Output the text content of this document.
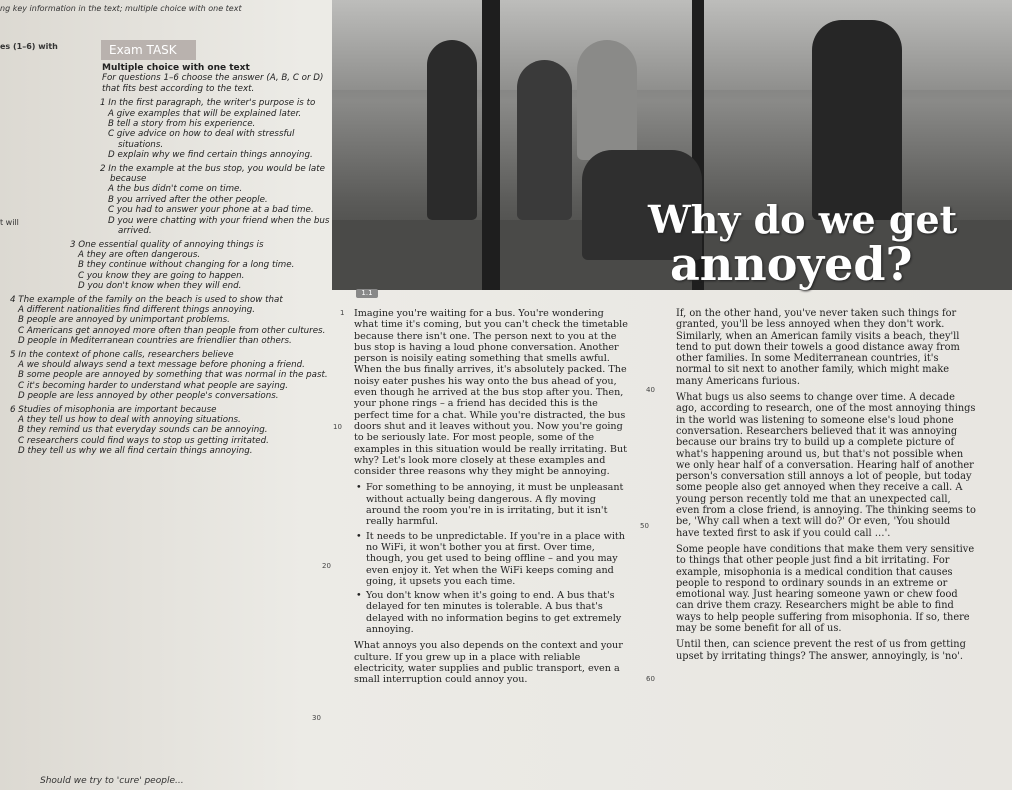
ng key information in the text; multiple choice with one text
es (1–6) with
t will
Exam TASK
Multiple choice with one text
For questions 1–6 choose the answer (A, B, C or D) that fits best according to the text.
1 In the first paragraph, the writer's purpose is to
A give examples that will be explained later.
B tell a story from his experience.
C give advice on how to deal with stressful situations.
D explain why we find certain things annoying.
2 In the example at the bus stop, you would be late because
A the bus didn't come on time.
B you arrived after the other people.
C you had to answer your phone at a bad time.
D you were chatting with your friend when the bus arrived.
3 One essential quality of annoying things is
A they are often dangerous.
B they continue without changing for a long time.
C you know they are going to happen.
D you don't know when they will end.
4 The example of the family on the beach is used to show that
A different nationalities find different things annoying.
B people are annoyed by unimportant problems.
C Americans get annoyed more often than people from other cultures.
D people in Mediterranean countries are friendlier than others.
5 In the context of phone calls, researchers believe
A we should always send a text message before phoning a friend.
B some people are annoyed by something that was normal in the past.
C it's becoming harder to understand what people are saying.
D people are less annoyed by other people's conversations.
6 Studies of misophonia are important because
A they tell us how to deal with annoying situations.
B they remind us that everyday sounds can be annoying.
C researchers could find ways to stop us getting irritated.
D they tell us why we all find certain things annoying.
Why do we get
annoyed?
1.1
1
10
20
30
40
50
60

Imagine you're waiting for a bus. You're wondering what time it's coming, but you can't check the timetable because there isn't one. The person next to you at the bus stop is having a loud phone conversation. Another person is noisily eating something that smells awful. When the bus finally arrives, it's absolutely packed. The noisy eater pushes his way onto the bus ahead of you, even though he arrived at the bus stop after you. Then, your phone rings – a friend has decided this is the perfect time for a chat. While you're distracted, the bus doors shut and it leaves without you. Now you're going to be seriously late. For most people, some of the examples in this situation would be really irritating. But why? Let's look more closely at these examples and consider three reasons why they might be annoying.

• For something to be annoying, it must be unpleasant without actually being dangerous. A fly moving around the room you're in is irritating, but it isn't really harmful.
• It needs to be unpredictable. If you're in a place with no WiFi, it won't bother you at first. Over time, though, you get used to being offline – and you may even enjoy it. Yet when the WiFi keeps coming and going, it upsets you each time.
• You don't know when it's going to end. A bus that's delayed for ten minutes is tolerable. A bus that's delayed with no information begins to get extremely annoying.

What annoys you also depends on the context and your culture. If you grew up in a place with reliable electricity, water supplies and public transport, even a small interruption could annoy you.

If, on the other hand, you've never taken such things for granted, you'll be less annoyed when they don't work. Similarly, when an American family visits a beach, they'll tend to put down their towels a good distance away from other families. In some Mediterranean countries, it's normal to sit next to another family, which might make many Americans furious.

What bugs us also seems to change over time. A decade ago, according to research, one of the most annoying things in the world was listening to someone else's loud phone conversation. Researchers believed that it was annoying because our brains try to build up a complete picture of what's happening around us, but that's not possible when we only hear half of a conversation. Hearing half of another person's conversation still annoys a lot of people, but today some people also get annoyed when they receive a call. A young person recently told me that an unexpected call, even from a close friend, is annoying. The thinking seems to be, 'Why call when a text will do?' Or even, 'You should have texted first to ask if you could call …'.

Some people have conditions that make them very sensitive to things that other people just find a bit irritating. For example, misophonia is a medical condition that causes people to respond to ordinary sounds in an extreme or emotional way. Just hearing someone yawn or chew food can drive them crazy. Researchers might be able to find ways to help people suffering from misophonia. If so, there may be some benefit for all of us.

Until then, can science prevent the rest of us from getting upset by irritating things? The answer, annoyingly, is 'no'.

Should we try to 'cure' people...
